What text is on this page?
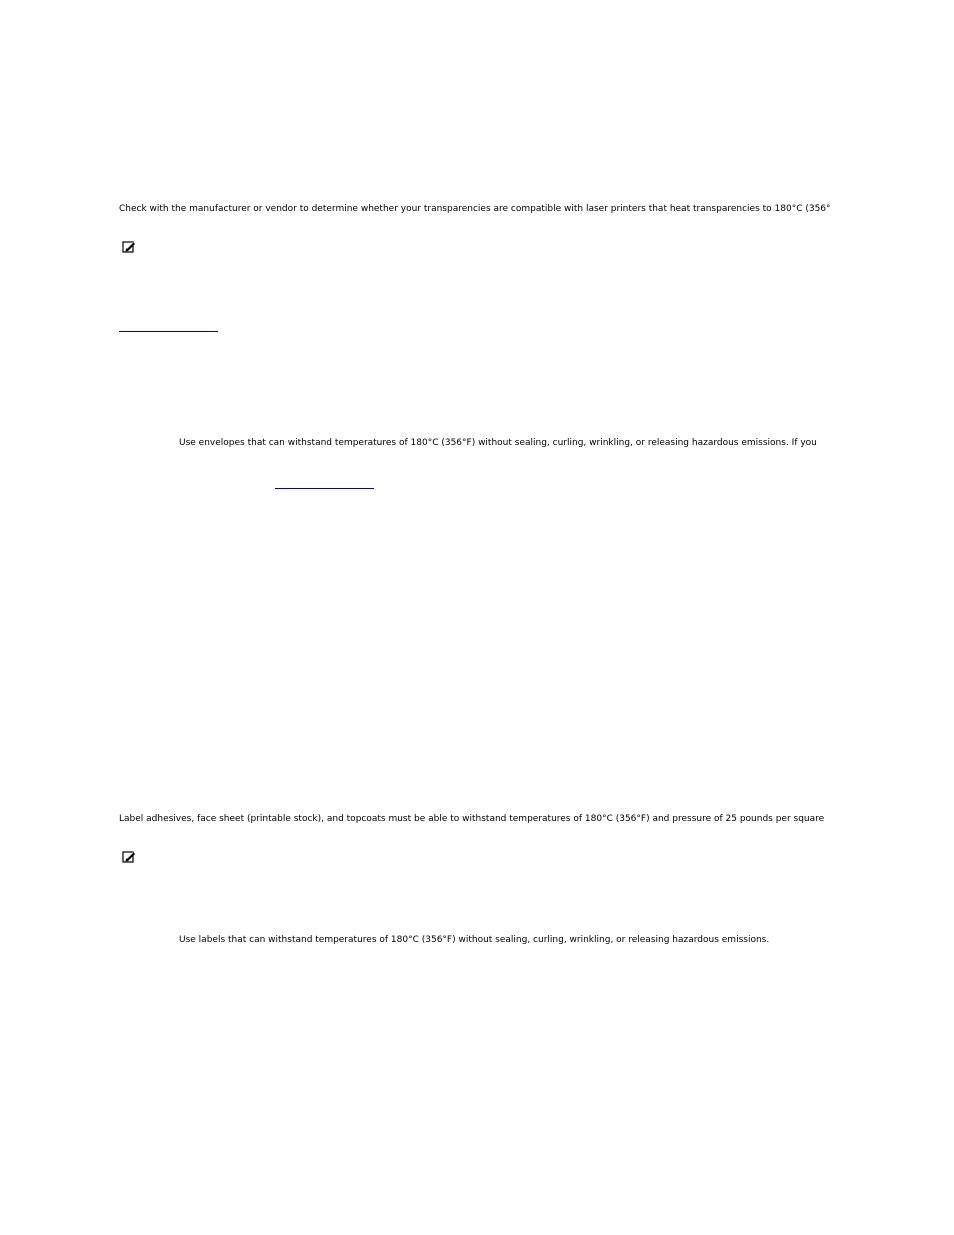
Check with the manufacturer or vendor to determine whether your transparencies are compatible with laser printers that heat transparencies to 180°C (356°
Use envelopes that can withstand temperatures of 180°C (356°F) without sealing, curling, wrinkling, or releasing hazardous emissions. If you
Label adhesives, face sheet (printable stock), and topcoats must be able to withstand temperatures of 180°C (356°F) and pressure of 25 pounds per square
Use labels that can withstand temperatures of 180°C (356°F) without sealing, curling, wrinkling, or releasing hazardous emissions.
